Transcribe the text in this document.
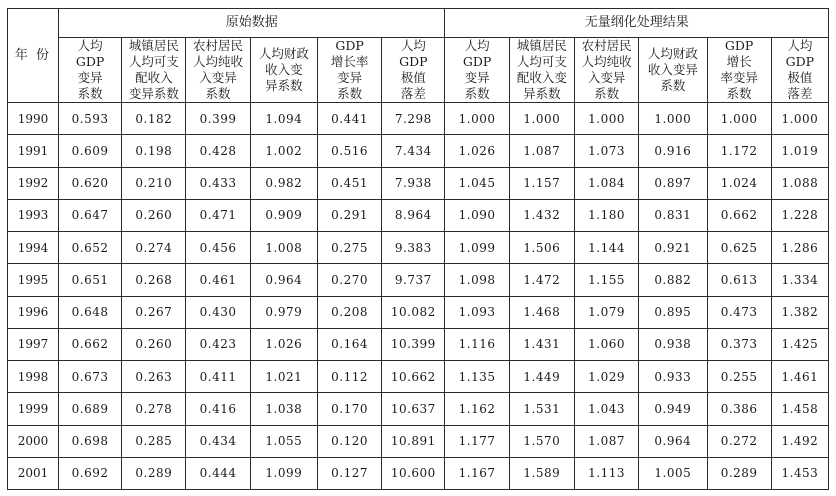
年 份	原始数据						无量纲化处理结果					
	人均
GDP
变异
系数	城镇居民
人均可支
配收入
变异系数	农村居民
人均纯收
入变异
系数	人均财政
收入变
异系数	GDP
增长率
变异
系数	人均
GDP
极值
落差	人均
GDP
变异
系数	城镇居民
人均可支
配收入变
异系数	农村居民
人均纯收
入变异
系数	人均财政
收入变异
系数	GDP
增长
率变异
系数	人均
GDP
极值
落差
1990	0.593	0.182	0.399	1.094	0.441	7.298	1.000	1.000	1.000	1.000	1.000	1.000
1991	0.609	0.198	0.428	1.002	0.516	7.434	1.026	1.087	1.073	0.916	1.172	1.019
1992	0.620	0.210	0.433	0.982	0.451	7.938	1.045	1.157	1.084	0.897	1.024	1.088
1993	0.647	0.260	0.471	0.909	0.291	8.964	1.090	1.432	1.180	0.831	0.662	1.228
1994	0.652	0.274	0.456	1.008	0.275	9.383	1.099	1.506	1.144	0.921	0.625	1.286
1995	0.651	0.268	0.461	0.964	0.270	9.737	1.098	1.472	1.155	0.882	0.613	1.334
1996	0.648	0.267	0.430	0.979	0.208	10.082	1.093	1.468	1.079	0.895	0.473	1.382
1997	0.662	0.260	0.423	1.026	0.164	10.399	1.116	1.431	1.060	0.938	0.373	1.425
1998	0.673	0.263	0.411	1.021	0.112	10.662	1.135	1.449	1.029	0.933	0.255	1.461
1999	0.689	0.278	0.416	1.038	0.170	10.637	1.162	1.531	1.043	0.949	0.386	1.458
2000	0.698	0.285	0.434	1.055	0.120	10.891	1.177	1.570	1.087	0.964	0.272	1.492
2001	0.692	0.289	0.444	1.099	0.127	10.600	1.167	1.589	1.113	1.005	0.289	1.453
